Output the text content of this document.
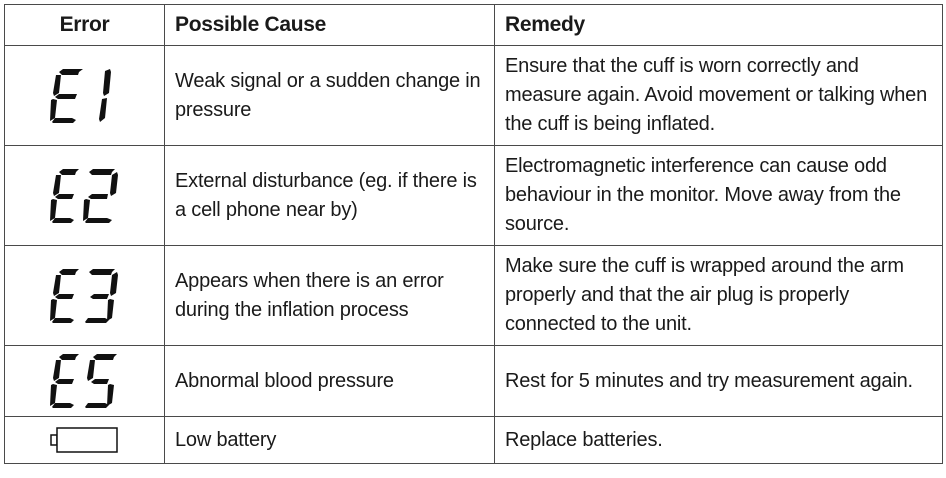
Error	Possible Cause	Remedy

	Weak signal or a sudden change in pressure	Ensure that the cuff is worn correctly and measure again. Avoid movement or talking when the cuff is being inflated.

	External disturbance (eg. if there is a cell phone near by)	Electromagnetic interference can cause odd behaviour in the monitor. Move away from the source.

	Appears when there is an error during the inflation process	Make sure the cuff is wrapped around the arm properly and that the air plug is properly connected to the unit.

	Abnormal blood pressure	Rest for 5 minutes and try measurement again.

	Low battery	Replace batteries.
